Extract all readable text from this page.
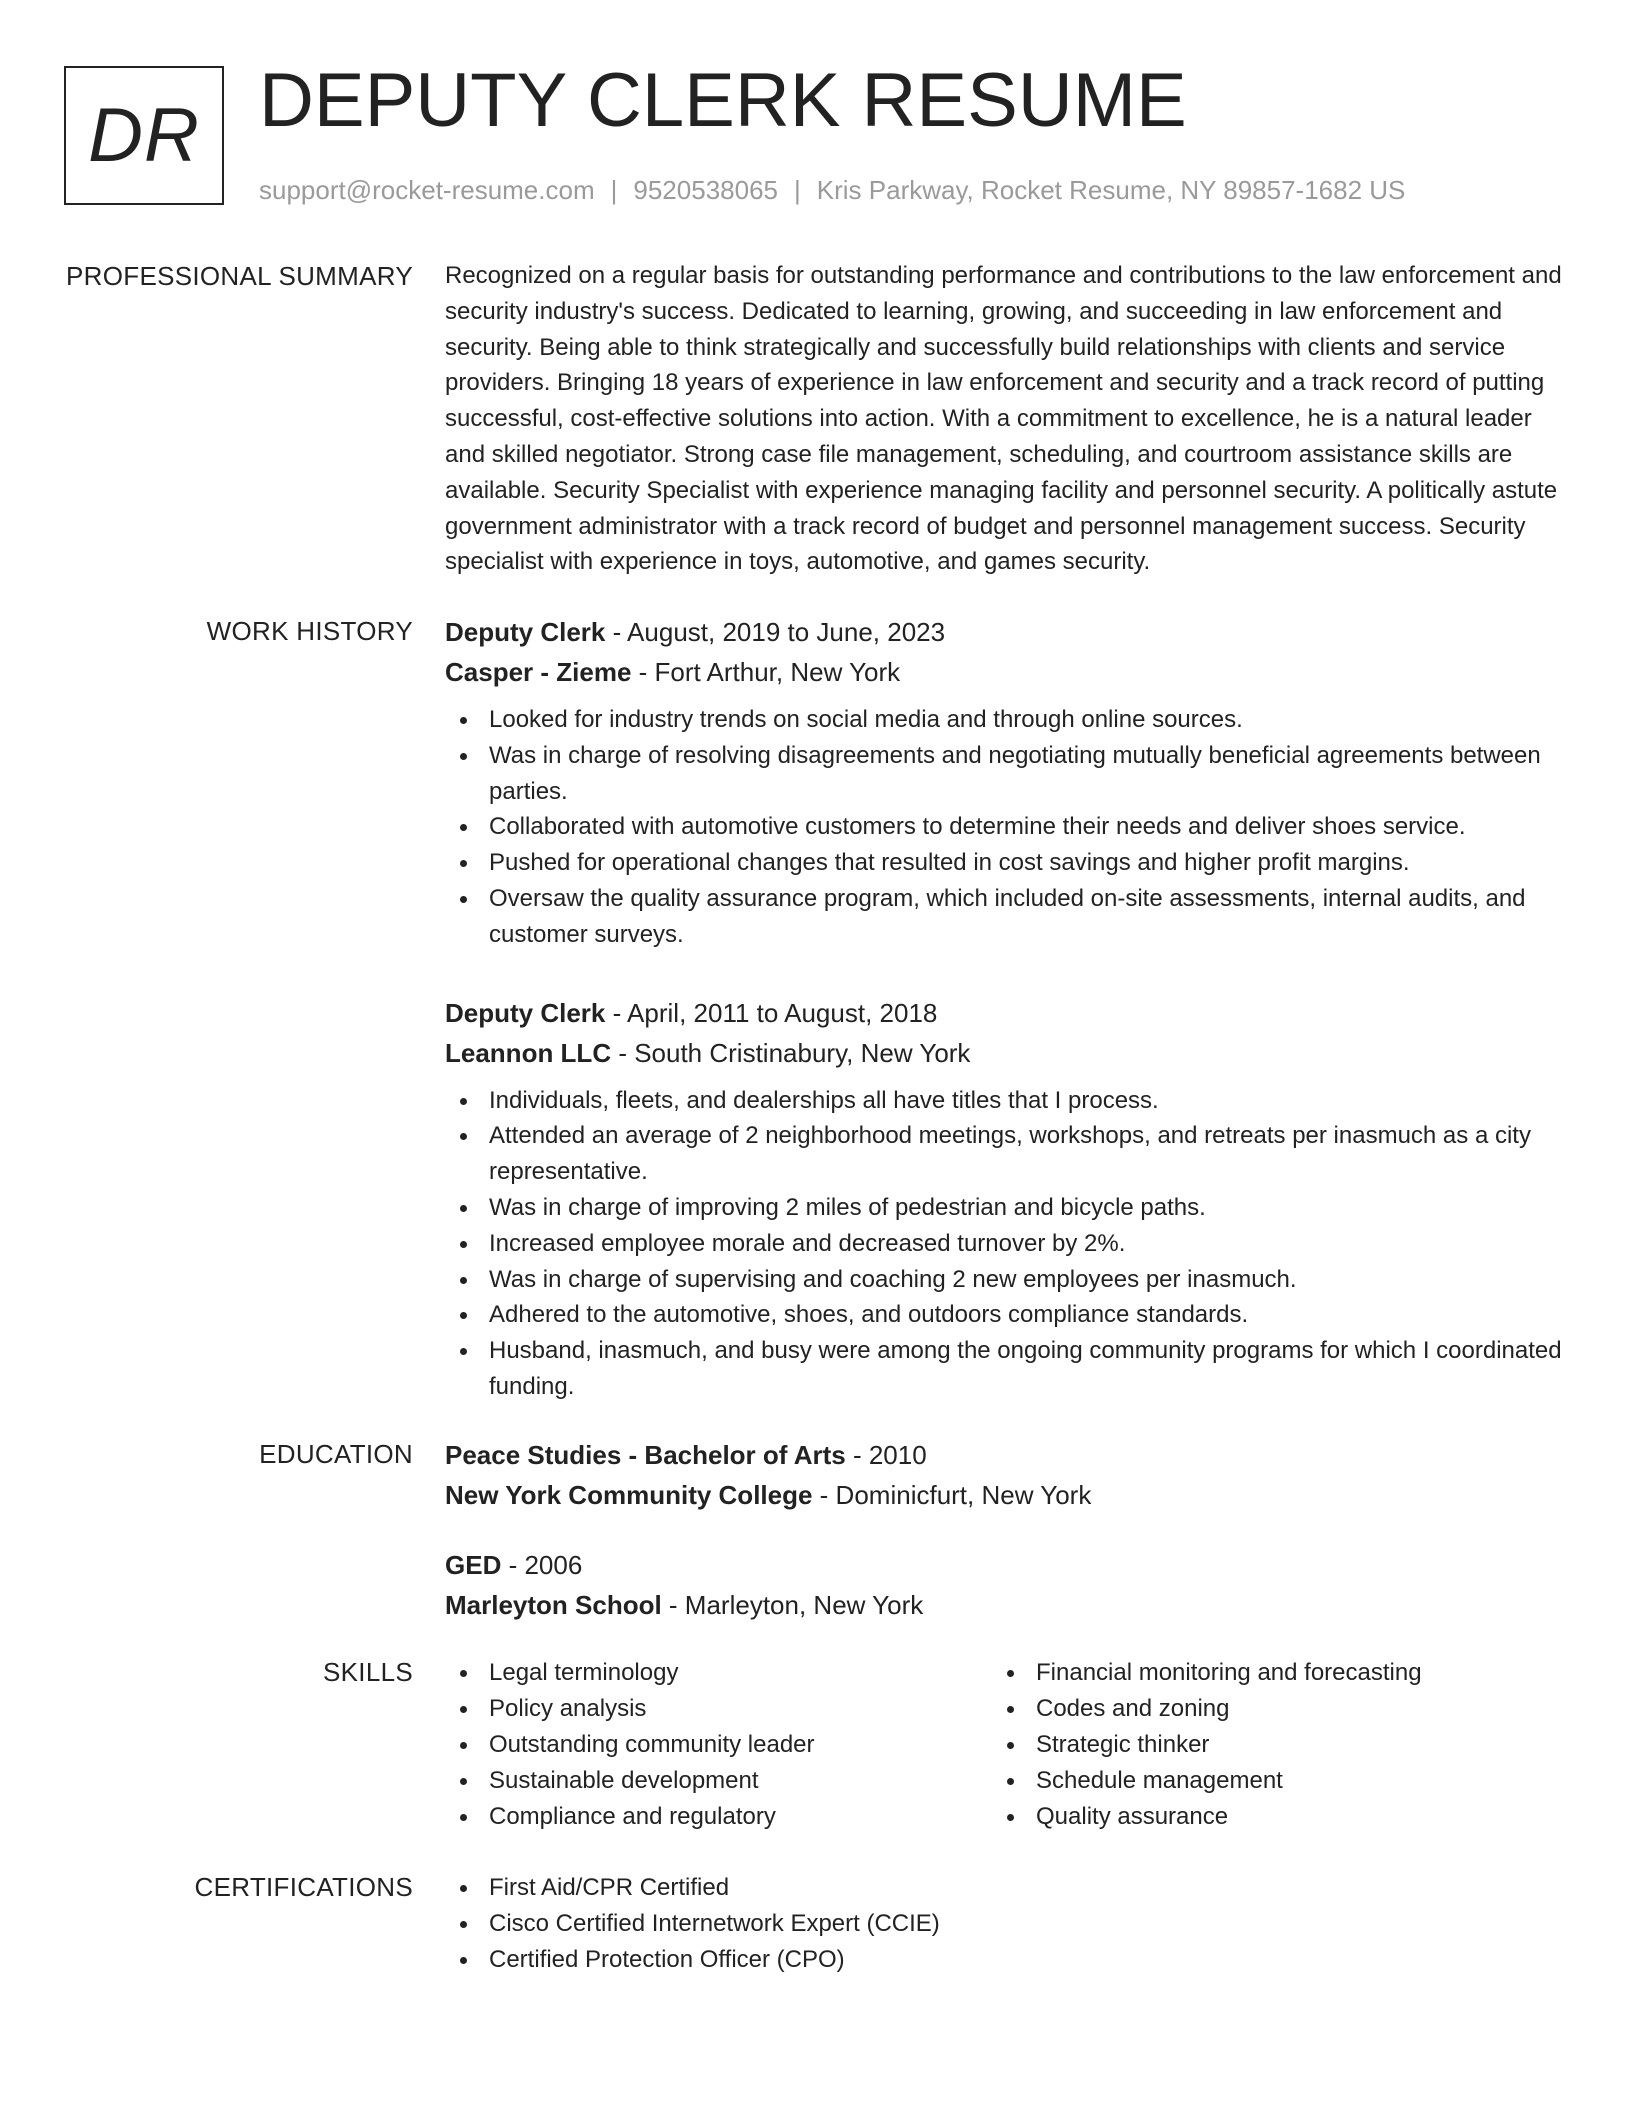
DR DEPUTY CLERK RESUME
support@rocket-resume.com | 9520538065 | Kris Parkway, Rocket Resume, NY 89857-1682 US
PROFESSIONAL SUMMARY Recognized on a regular basis for outstanding performance and contributions to the law enforcement and security industry's success. Dedicated to learning, growing, and succeeding in law enforcement and security. Being able to think strategically and successfully build relationships with clients and service providers. Bringing 18 years of experience in law enforcement and security and a track record of putting successful, cost-effective solutions into action. With a commitment to excellence, he is a natural leader and skilled negotiator. Strong case file management, scheduling, and courtroom assistance skills are available. Security Specialist with experience managing facility and personnel security. A politically astute government administrator with a track record of budget and personnel management success. Security specialist with experience in toys, automotive, and games security.

WORK HISTORY Deputy Clerk - August, 2019 to June, 2023
Casper - Zieme - Fort Arthur, New York
Looked for industry trends on social media and through online sources.
Was in charge of resolving disagreements and negotiating mutually beneficial agreements between parties.
Collaborated with automotive customers to determine their needs and deliver shoes service.
Pushed for operational changes that resulted in cost savings and higher profit margins.
Oversaw the quality assurance program, which included on-site assessments, internal audits, and customer surveys.
Deputy Clerk - April, 2011 to August, 2018
Leannon LLC - South Cristinabury, New York
Individuals, fleets, and dealerships all have titles that I process.
Attended an average of 2 neighborhood meetings, workshops, and retreats per inasmuch as a city representative.
Was in charge of improving 2 miles of pedestrian and bicycle paths.
Increased employee morale and decreased turnover by 2%.
Was in charge of supervising and coaching 2 new employees per inasmuch.
Adhered to the automotive, shoes, and outdoors compliance standards.
Husband, inasmuch, and busy were among the ongoing community programs for which I coordinated funding.
EDUCATION Peace Studies - Bachelor of Arts - 2010
New York Community College - Dominicfurt, New York
GED - 2006
Marleyton School - Marleyton, New York
SKILLS	Legal terminology
Policy analysis
Outstanding community leader
Sustainable development
Compliance and regulatory
Financial monitoring and forecasting
Codes and zoning
Strategic thinker
Schedule management
Quality assurance
CERTIFICATIONS	First Aid/CPR Certified
Cisco Certified Internetwork Expert (CCIE)
Certified Protection Officer (CPO)
